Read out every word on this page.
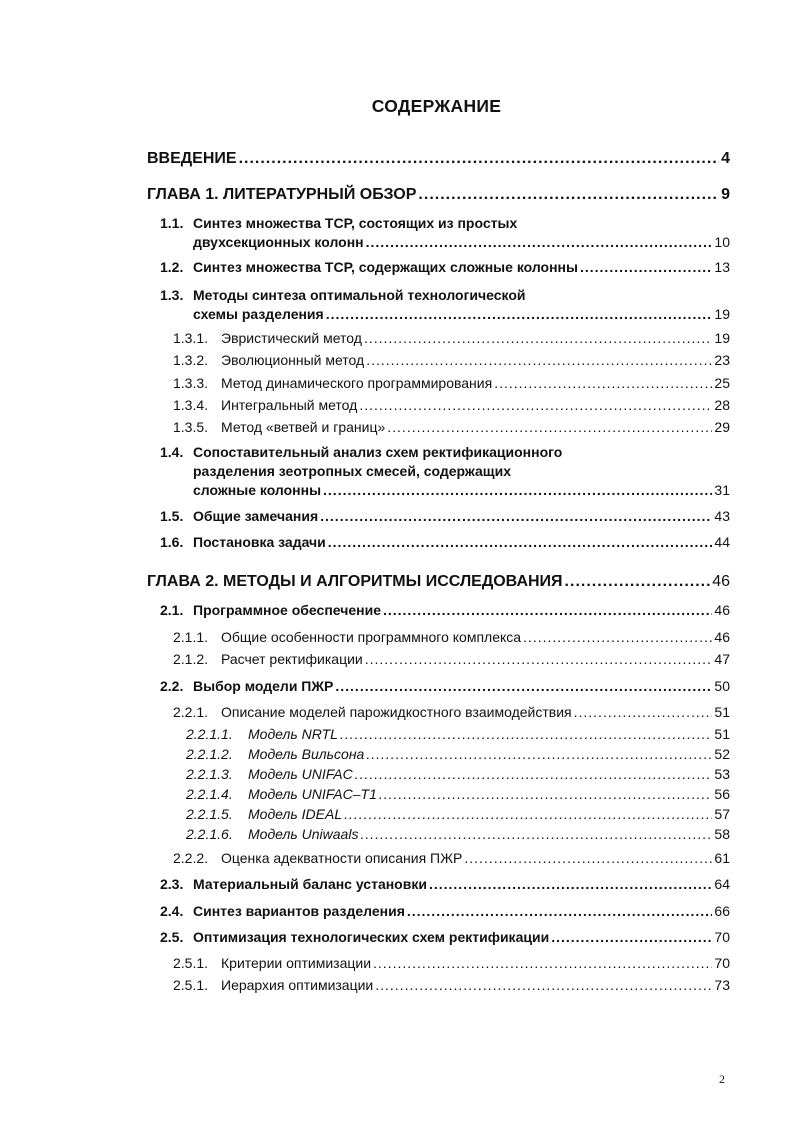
СОДЕРЖАНИЕ
ВВЕДЕНИЕ .....	4
ГЛАВА 1. ЛИТЕРАТУРНЫЙ ОБЗОР .....	9
1.1. Синтез множества ТСР, состоящих из простых
двухсекционных колонн .....	10
1.2. Синтез множества ТСР, содержащих сложные колонны .....	13
1.3. Методы синтеза оптимальной технологической
схемы разделения .....	19
1.3.1. Эвристический метод .....	19
1.3.2. Эволюционный метод .....	23
1.3.3. Метод динамического программирования .....	25
1.3.4. Интегральный метод .....	28
1.3.5. Метод «ветвей и границ» .....	29
1.4. Сопоставительный анализ схем ректификационного
разделения зеотропных смесей, содержащих
сложные колонны .....	31
1.5. Общие замечания .....	43
1.6. Постановка задачи .....	44
ГЛАВА 2. МЕТОДЫ И АЛГОРИТМЫ ИССЛЕДОВАНИЯ .....	46
2.1. Программное обеспечение .....	46
2.1.1. Общие особенности программного комплекса .....	46
2.1.2. Расчет ректификации .....	47
2.2. Выбор модели ПЖР .....	50
2.2.1. Описание моделей парожидкостного взаимодействия .....	51
2.2.1.1.	Модель NRTL .....	51
2.2.1.2.	Модель Вильсона .....	52
2.2.1.3.	Модель UNIFAC .....	53
2.2.1.4.	Модель UNIFAC–T1 .....	56
2.2.1.5.	Модель IDEAL .....	57
2.2.1.6.	Модель Uniwaals .....	58
2.2.2. Оценка адекватности описания ПЖР .....	61
2.3. Материальный баланс установки .....	64
2.4. Синтез вариантов разделения .....	66
2.5. Оптимизация технологических схем ректификации .....	70
2.5.1. Критерии оптимизации .....	70
2.5.1. Иерархия оптимизации .....	73
2
